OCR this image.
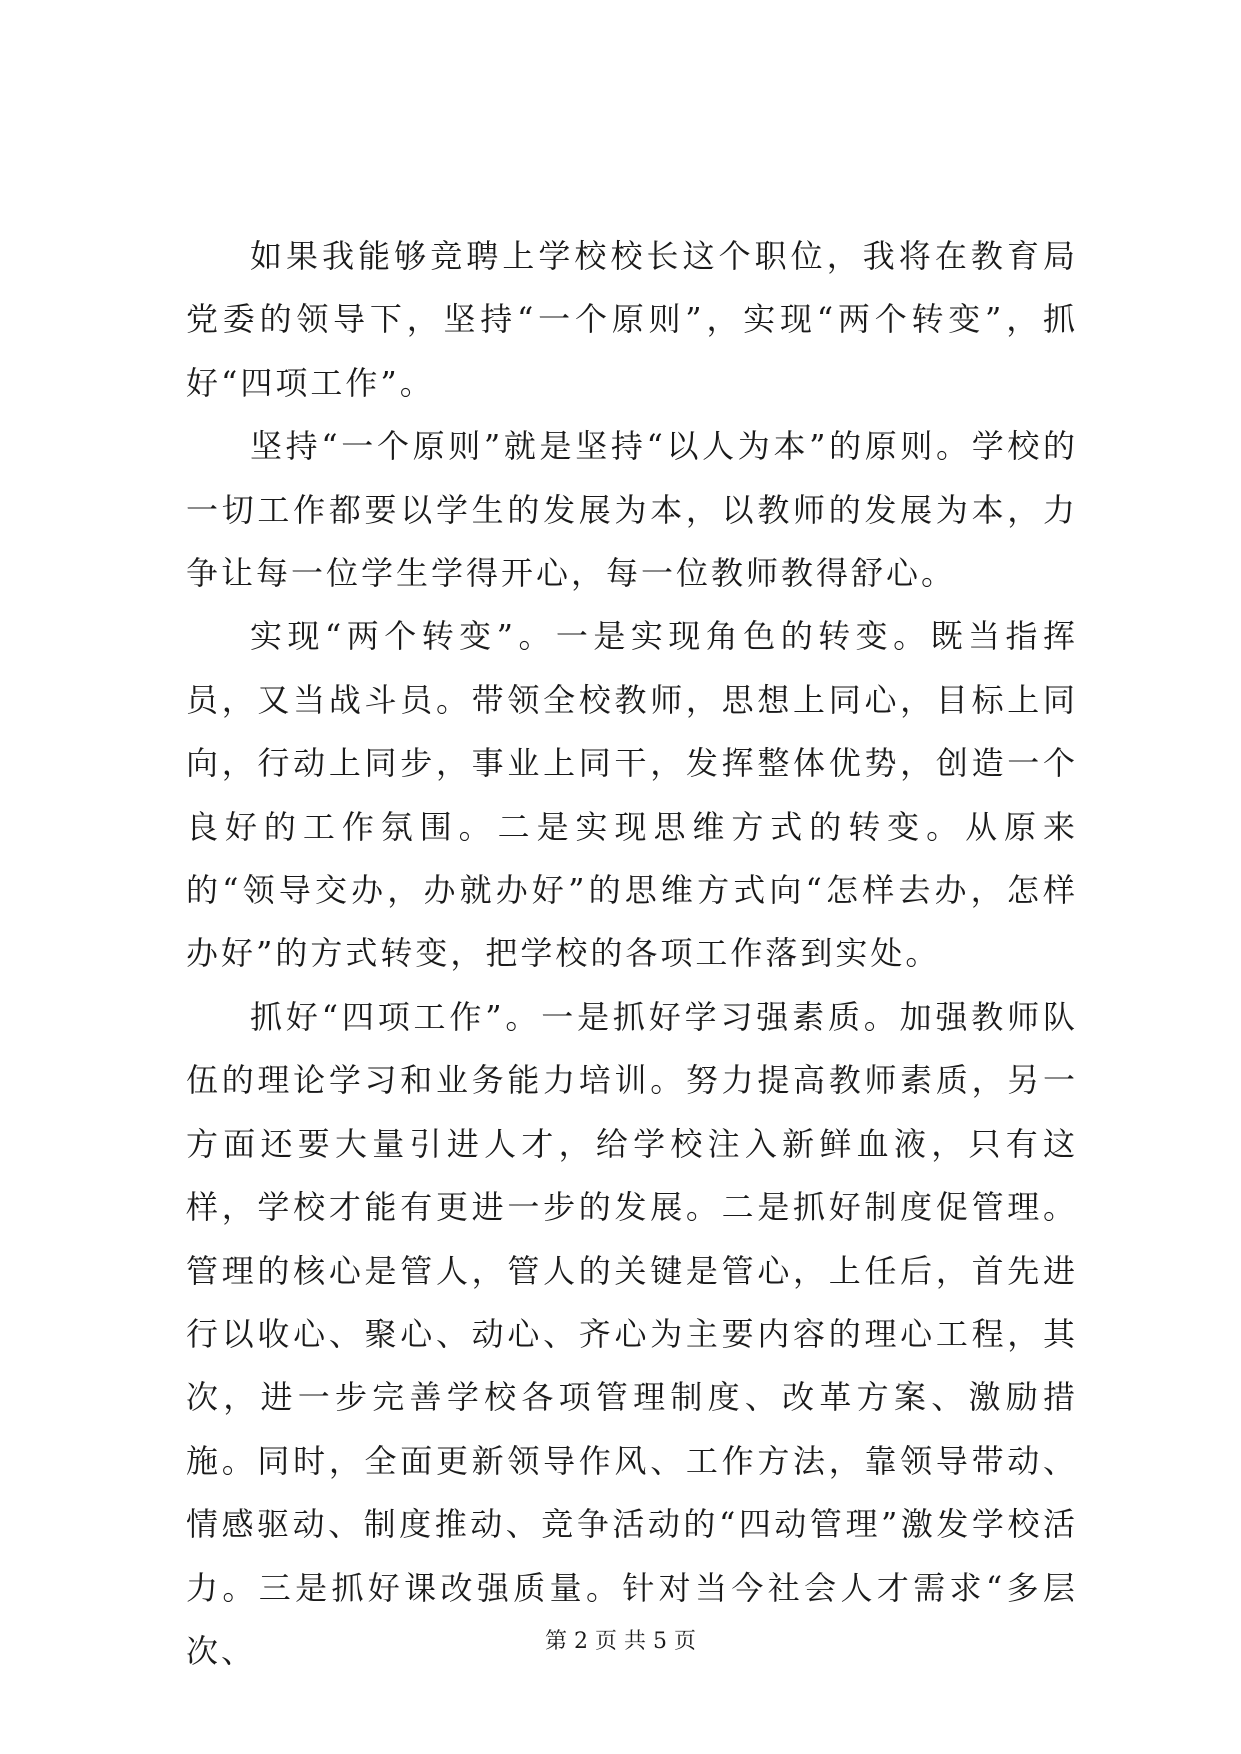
如果我能够竞聘上学校校长这个职位，我将在教育局党委的领导下，坚持“一个原则”，实现“两个转变”，抓好“四项工作”。

坚持“一个原则”就是坚持“以人为本”的原则。学校的一切工作都要以学生的发展为本，以教师的发展为本，力争让每一位学生学得开心，每一位教师教得舒心。

实现“两个转变”。一是实现角色的转变。既当指挥员，又当战斗员。带领全校教师，思想上同心，目标上同向，行动上同步，事业上同干，发挥整体优势，创造一个良好的工作氛围。二是实现思维方式的转变。从原来的“领导交办，办就办好”的思维方式向“怎样去办，怎样办好”的方式转变，把学校的各项工作落到实处。

抓好“四项工作”。一是抓好学习强素质。加强教师队伍的理论学习和业务能力培训。努力提高教师素质，另一方面还要大量引进人才，给学校注入新鲜血液，只有这样，学校才能有更进一步的发展。二是抓好制度促管理。管理的核心是管人，管人的关键是管心，上任后，首先进行以收心、聚心、动心、齐心为主要内容的理心工程，其次，进一步完善学校各项管理制度、改革方案、激励措施。同时，全面更新领导作风、工作方法，靠领导带动、情感驱动、制度推动、竞争活动的“四动管理”激发学校活力。三是抓好课改强质量。针对当今社会人才需求“多层次、	第 2 页 共 5 页
